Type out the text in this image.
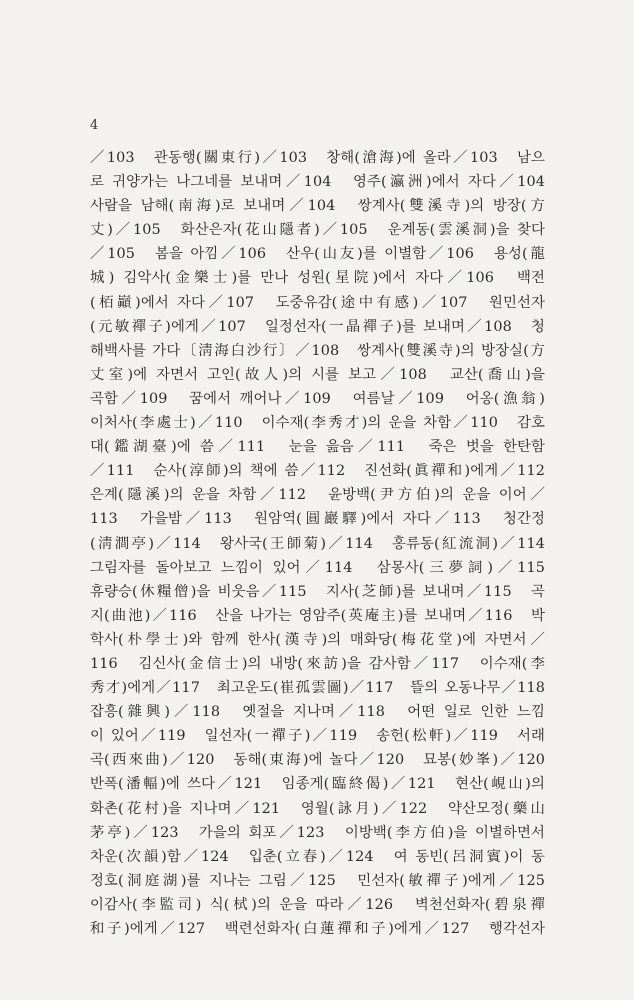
4
／103　관동행(關東行)／103　창해(滄海)에 올라／103　남으
로 귀양가는 나그네를 보내며／104　영주(瀛洲)에서 자다／104
사람을 남해(南海)로 보내며／104　쌍계사(雙溪寺)의 방장(方
丈)／105　화산은자(花山隱者)／105　운계동(雲溪洞)을 찾다
／105　봄을 아낌／106　산우(山友)를 이별함／106　용성(龍
城) 김악사(金樂士)를 만나 성원(星院)에서 자다／106　백전
(栢巓)에서 자다／107　도중유감(途中有感)／107　원민선자
(元敏禪子)에게／107　일정선자(一晶禪子)를 보내며／108　청
해백사를 가다〔淸海白沙行〕／108　쌍계사(雙溪寺)의 방장실(方
丈室)에 자면서 고인(故人)의 시를 보고／108　교산(喬山)을
곡함／109　꿈에서 깨어나／109　여름날／109　어옹(漁翁)
이처사(李處士)／110　이수재(李秀才)의 운을 차함／110　감호
대(鑑湖臺)에 씀／111　눈을 읊음／111　죽은 벗을 한탄함
／111　순사(淳師)의 책에 씀／112　진선화(眞禪和)에게／112
은계(隱溪)의 운을 차함／112　윤방백(尹方伯)의 운을 이어／
113　가을밤／113　원암역(圓巖驛)에서 자다／113　청간정
(淸澗亭)／114　왕사국(王師菊)／114　홍류동(紅流洞)／114
그림자를 돌아보고 느낌이 있어／114　삼몽사(三夢詞)／115
휴량승(休糧僧)을 비웃음／115　지사(芝師)를 보내며／115　곡
지(曲池)／116　산을 나가는 영암주(英庵主)를 보내며／116　박
학사(朴學士)와 함께 한사(漢寺)의 매화당(梅花堂)에 자면서／
116　김신사(金信士)의 내방(來訪)을 감사함／117　이수재(李
秀才)에게／117　최고운도(崔孤雲圖)／117　뜰의 오동나무／118
잡흥(雜興)／118　옛절을 지나며／118　어떤 일로 인한 느낌
이 있어／119　일선자(一禪子)／119　송헌(松軒)／119　서래
곡(西來曲)／120　동해(東海)에 놀다／120　묘봉(妙峯)／120
반폭(潘輻)에 쓰다／121　임종게(臨終偈)／121　현산(峴山)의
화촌(花村)을 지나며／121　영월(詠月)／122　약산모정(藥山
茅亭)／123　가을의 회포／123　이방백(李方伯)을 이별하면서
차운(次韻)함／124　입춘(立春)／124　여 동빈(呂洞賓)이 동
정호(洞庭湖)를 지나는 그림／125　민선자(敏禪子)에게／125
이감사(李監司) 식(栻)의 운을 따라／126　벽천선화자(碧泉禪
和子)에게／127　백련선화자(白蓮禪和子)에게／127　행각선자
